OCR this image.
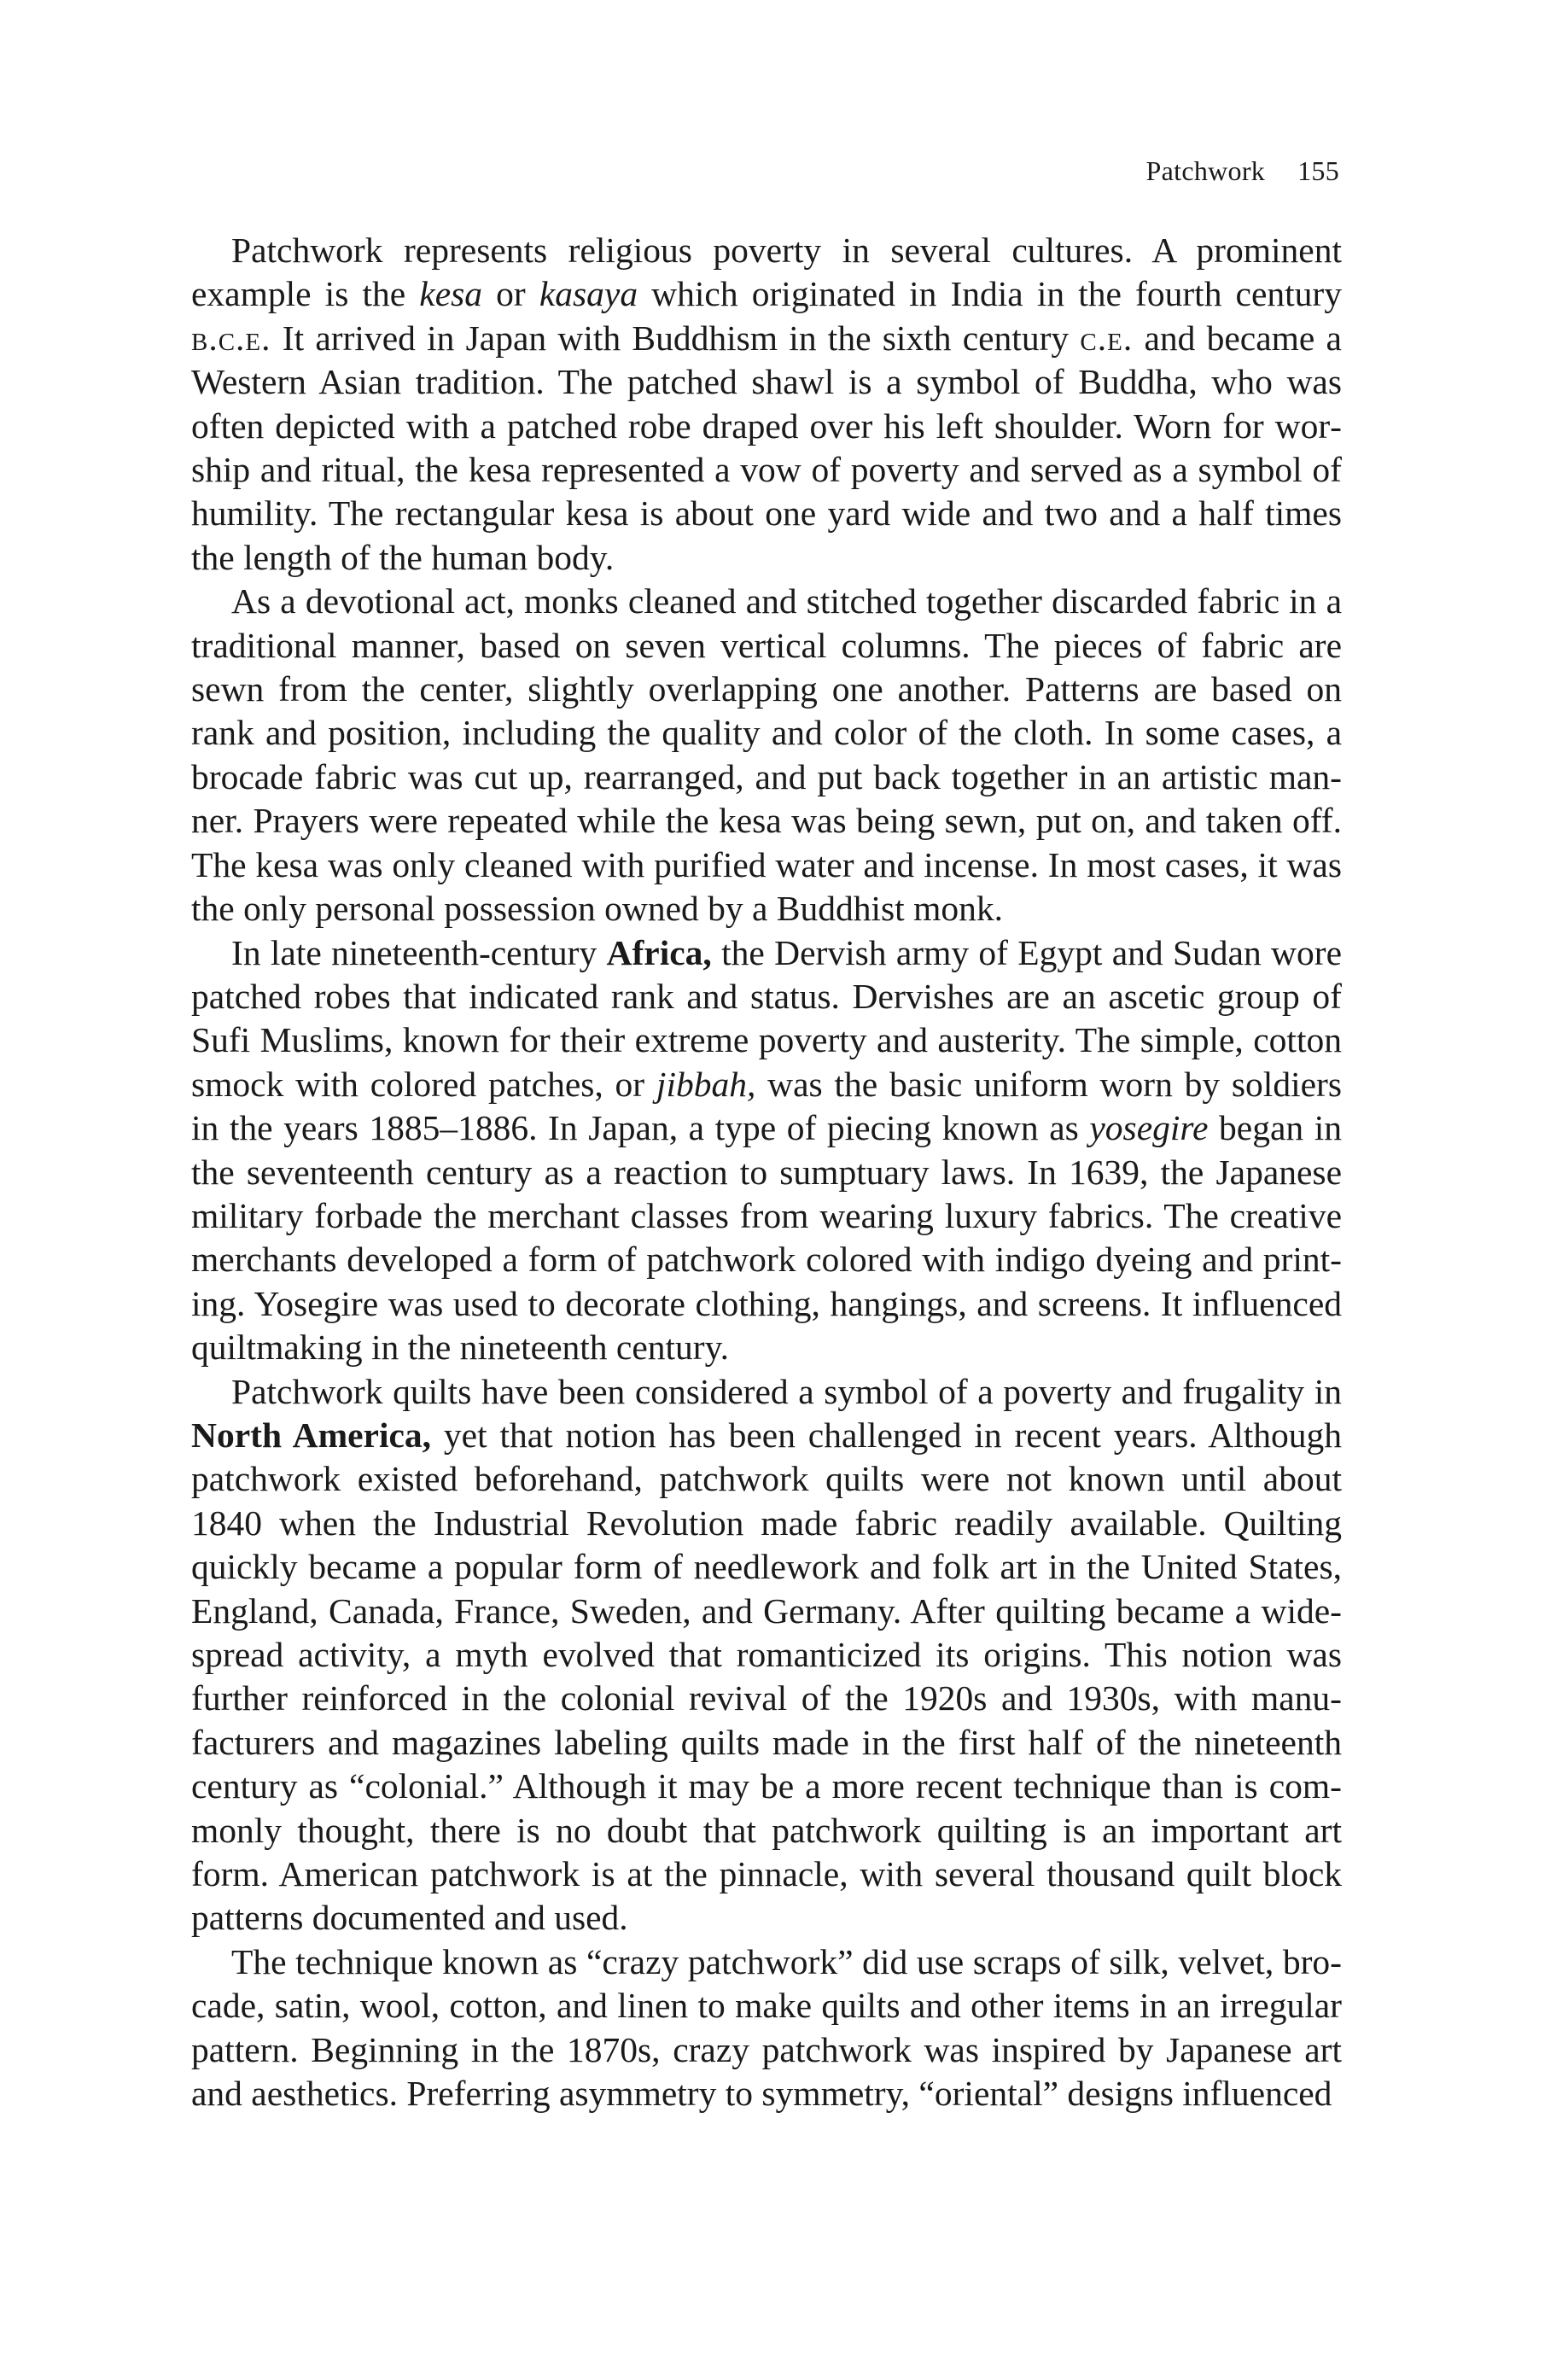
Patchwork 155

Patchwork represents religious poverty in several cultures. A prominent example is the kesa or kasaya which originated in India in the fourth century b.c.e. It arrived in Japan with Buddhism in the sixth century c.e. and became a Western Asian tradition. The patched shawl is a symbol of Buddha, who was often depicted with a patched robe draped over his left shoulder. Worn for worship and ritual, the kesa represented a vow of poverty and served as a symbol of humility. The rectangular kesa is about one yard wide and two and a half times the length of the human body.

As a devotional act, monks cleaned and stitched together discarded fabric in a traditional manner, based on seven vertical columns. The pieces of fabric are sewn from the center, slightly overlapping one another. Patterns are based on rank and position, including the quality and color of the cloth. In some cases, a brocade fabric was cut up, rearranged, and put back together in an artistic manner. Prayers were repeated while the kesa was being sewn, put on, and taken off. The kesa was only cleaned with purified water and incense. In most cases, it was the only personal possession owned by a Buddhist monk.

In late nineteenth-century Africa, the Dervish army of Egypt and Sudan wore patched robes that indicated rank and status. Dervishes are an ascetic group of Sufi Muslims, known for their extreme poverty and austerity. The simple, cotton smock with colored patches, or jibbah, was the basic uniform worn by soldiers in the years 1885–1886. In Japan, a type of piecing known as yosegire began in the seventeenth century as a reaction to sumptuary laws. In 1639, the Japanese military forbade the merchant classes from wearing luxury fabrics. The creative merchants developed a form of patchwork colored with indigo dyeing and printing. Yosegire was used to decorate clothing, hangings, and screens. It influenced quiltmaking in the nineteenth century.

Patchwork quilts have been considered a symbol of a poverty and frugality in North America, yet that notion has been challenged in recent years. Although patchwork existed beforehand, patchwork quilts were not known until about 1840 when the Industrial Revolution made fabric readily available. Quilting quickly became a popular form of needlework and folk art in the United States, England, Canada, France, Sweden, and Germany. After quilting became a widespread activity, a myth evolved that romanticized its origins. This notion was further reinforced in the colonial revival of the 1920s and 1930s, with manufacturers and magazines labeling quilts made in the first half of the nineteenth century as “colonial.” Although it may be a more recent technique than is commonly thought, there is no doubt that patchwork quilting is an important art form. American patchwork is at the pinnacle, with several thousand quilt block patterns documented and used.

The technique known as “crazy patchwork” did use scraps of silk, velvet, brocade, satin, wool, cotton, and linen to make quilts and other items in an irregular pattern. Beginning in the 1870s, crazy patchwork was inspired by Japanese art and aesthetics. Preferring asymmetry to symmetry, “oriental” designs influenced
